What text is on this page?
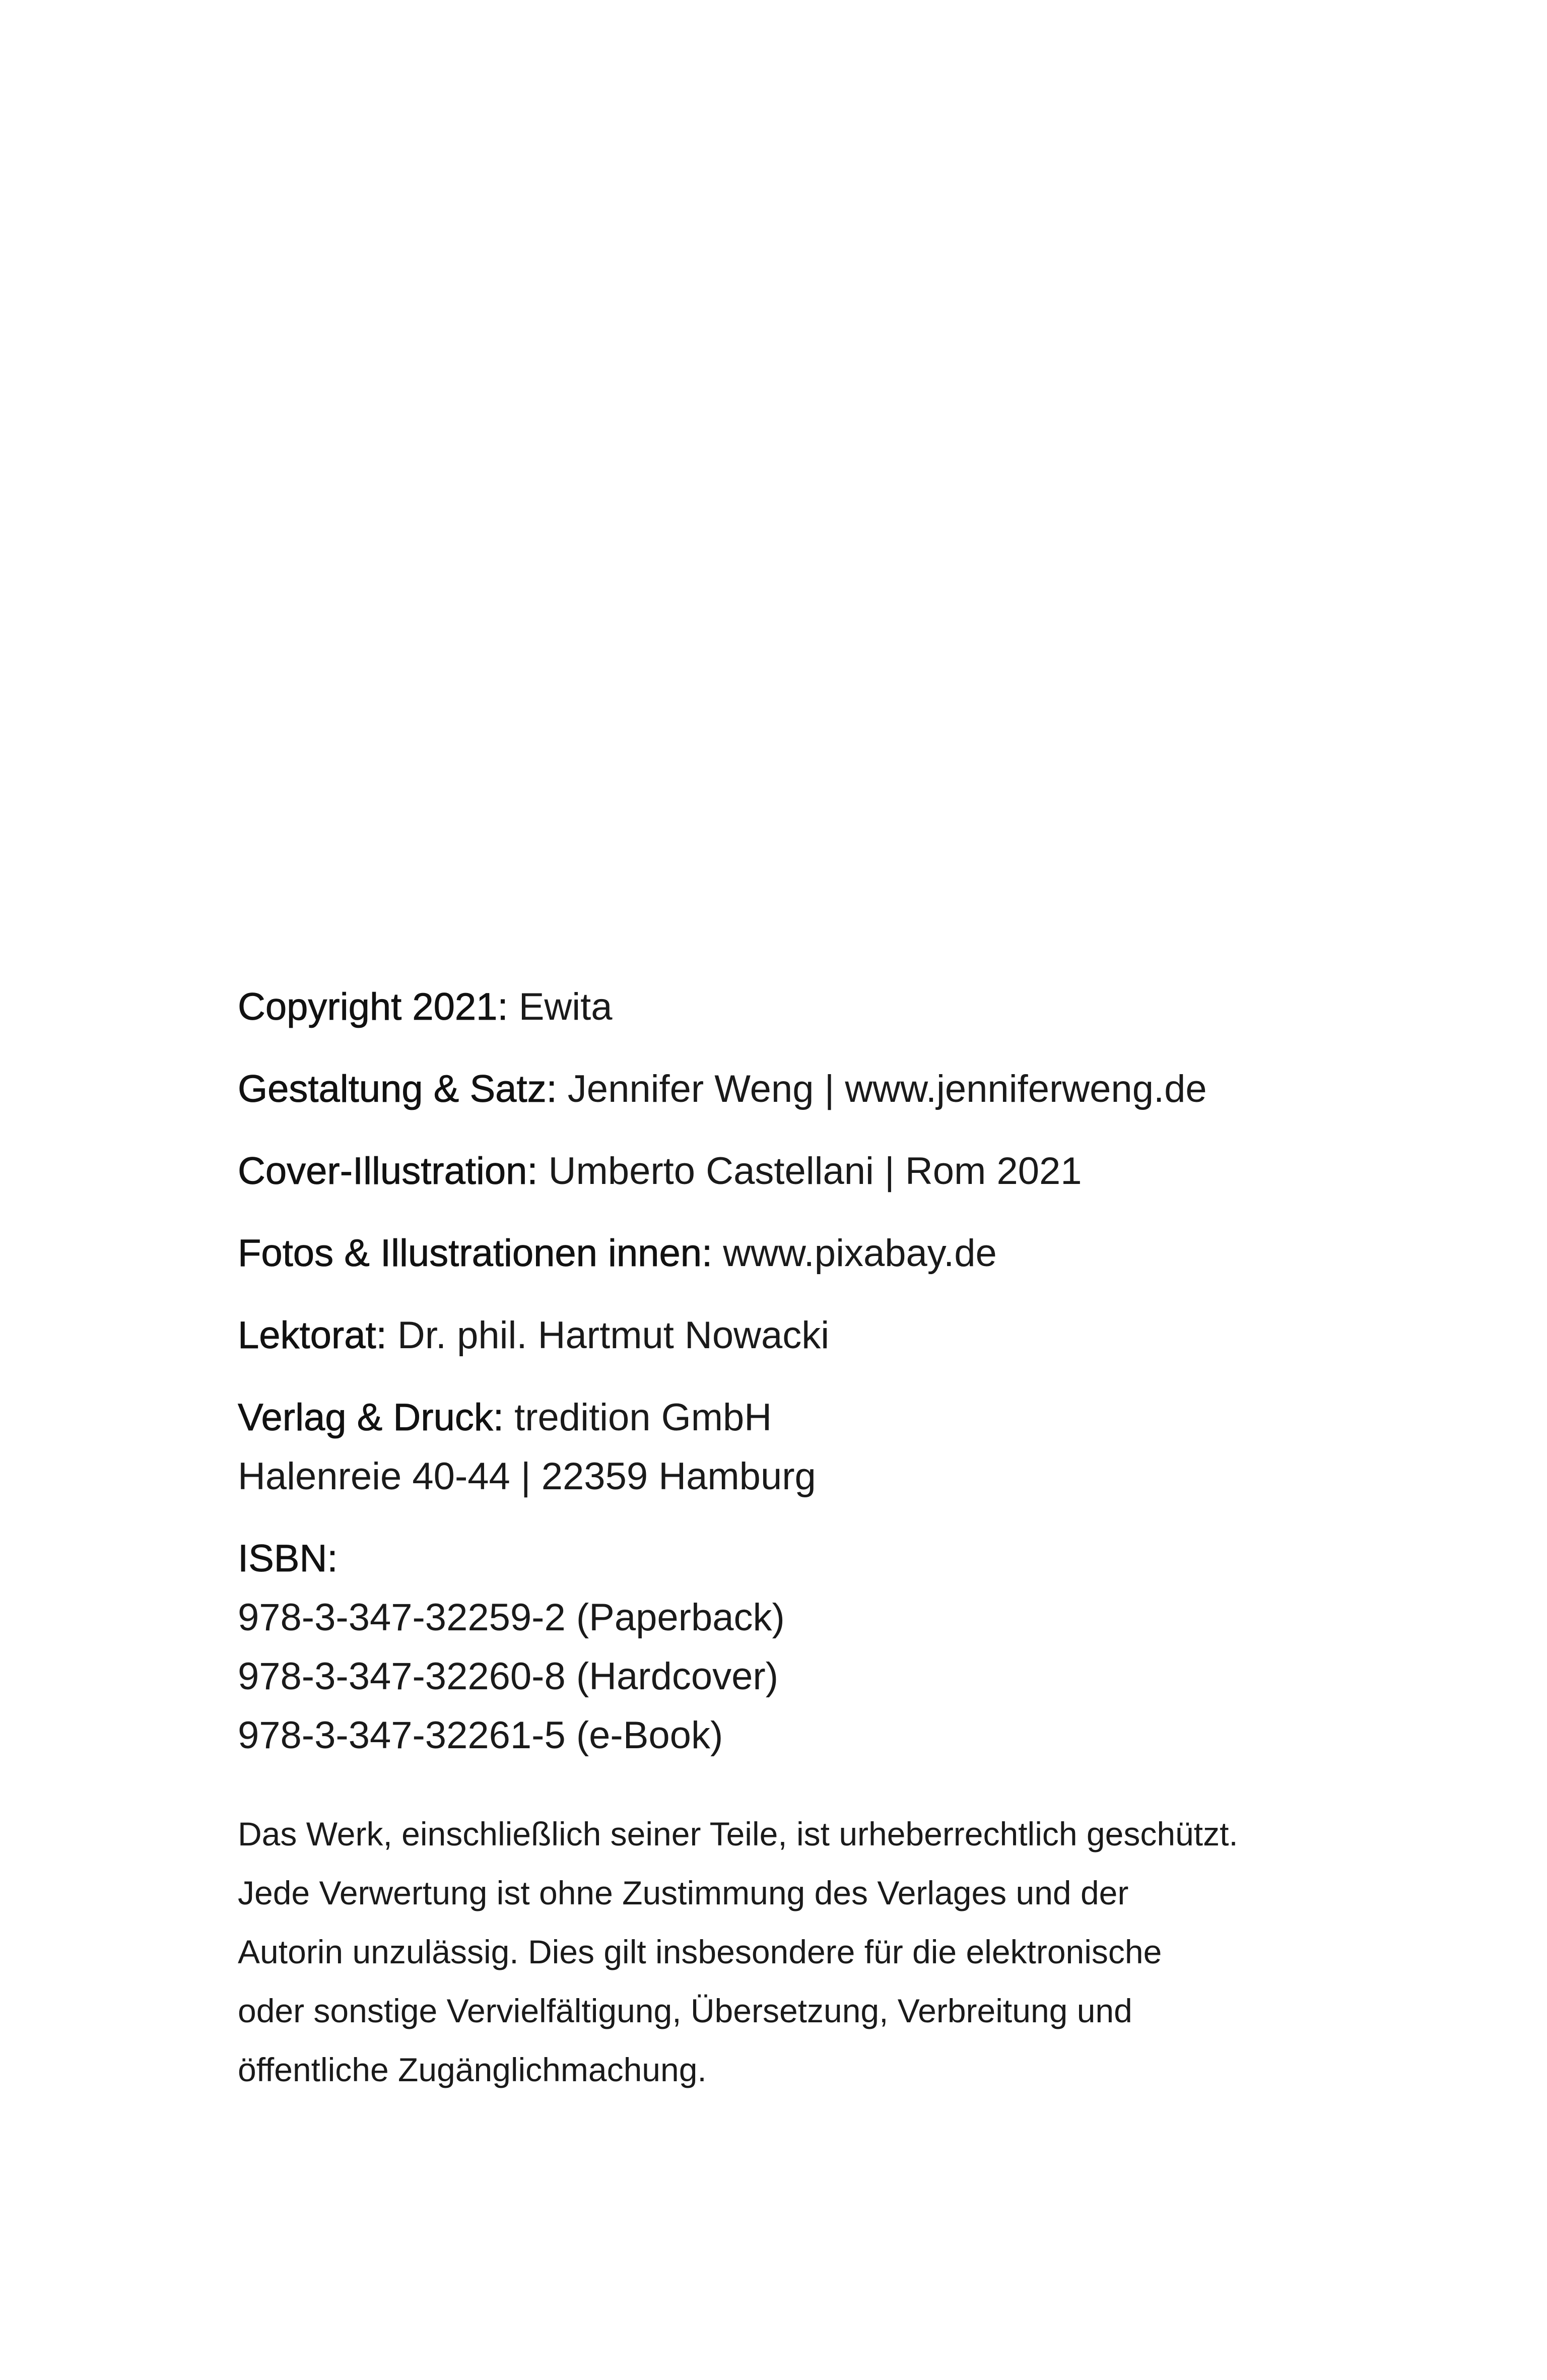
Copyright 2021: Ewita
Gestaltung & Satz: Jennifer Weng | www.jenniferweng.de
Cover-Illustration: Umberto Castellani | Rom 2021
Fotos & Illustrationen innen: www.pixabay.de
Lektorat: Dr. phil. Hartmut Nowacki
Verlag & Druck: tredition GmbH
Halenreie 40-44 | 22359 Hamburg
ISBN:
978-3-347-32259-2 (Paperback)
978-3-347-32260-8 (Hardcover)
978-3-347-32261-5 (e-Book)
Das Werk, einschließlich seiner Teile, ist urheberrechtlich geschützt.
Jede Verwertung ist ohne Zustimmung des Verlages und der
Autorin unzulässig. Dies gilt insbesondere für die elektronische
oder sonstige Vervielfältigung, Übersetzung, Verbreitung und
öffentliche Zugänglichmachung.
